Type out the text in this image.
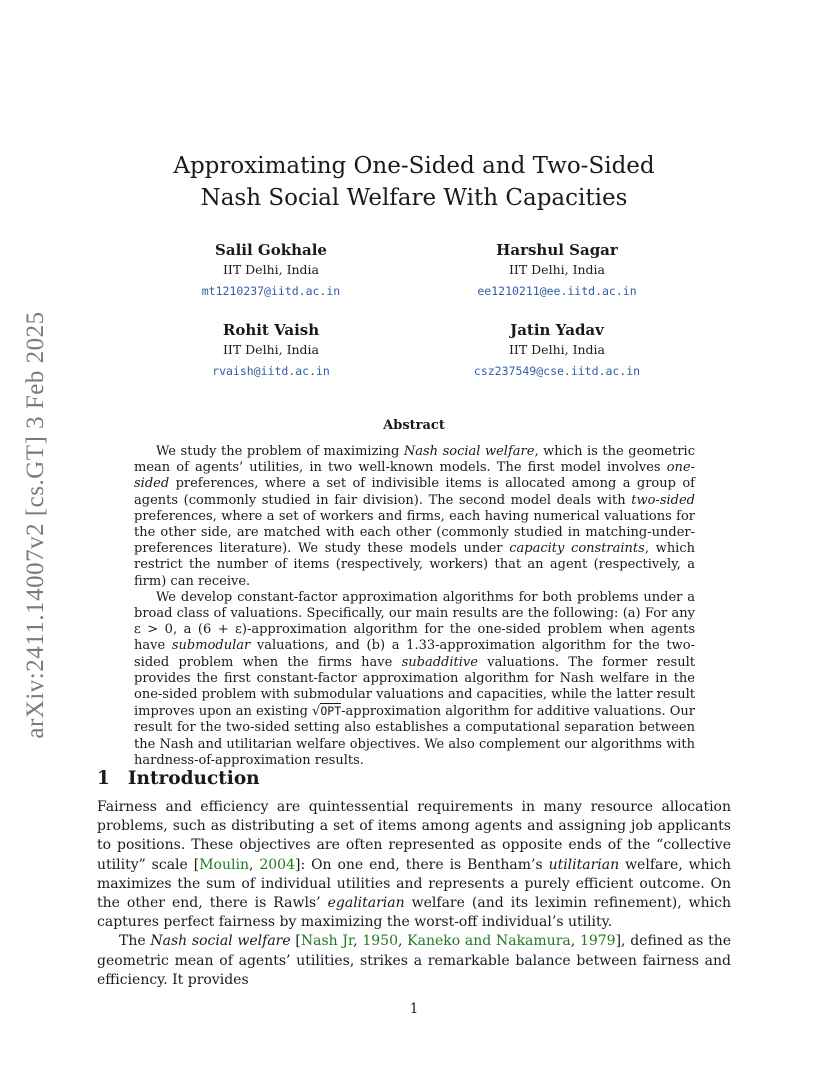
arXiv:2411.14007v2 [cs.GT] 3 Feb 2025
Approximating One-Sided and Two-Sided
Nash Social Welfare With Capacities
Salil Gokhale
IIT Delhi, India
mt1210237@iitd.ac.in
Harshul Sagar
IIT Delhi, India
ee1210211@ee.iitd.ac.in
Rohit Vaish
IIT Delhi, India
rvaish@iitd.ac.in
Jatin Yadav
IIT Delhi, India
csz237549@cse.iitd.ac.in
Abstract

We study the problem of maximizing Nash social welfare, which is the geometric mean of agents’ utilities, in two well-known models. The first model involves one-sided preferences, where a set of indivisible items is allocated among a group of agents (commonly studied in fair division). The second model deals with two-sided preferences, where a set of workers and firms, each having numerical valuations for the other side, are matched with each other (commonly studied in matching-under-preferences literature). We study these models under capacity constraints, which restrict the number of items (respectively, workers) that an agent (respectively, a firm) can receive.

We develop constant-factor approximation algorithms for both problems under a broad class of valuations. Specifically, our main results are the following: (a) For any ε > 0, a (6 + ε)-approximation algorithm for the one-sided problem when agents have submodular valuations, and (b) a 1.33-approximation algorithm for the two-sided problem when the firms have subadditive valuations. The former result provides the first constant-factor approximation algorithm for Nash welfare in the one-sided problem with submodular valuations and capacities, while the latter result improves upon an existing √OPT-approximation algorithm for additive valuations. Our result for the two-sided setting also establishes a computational separation between the Nash and utilitarian welfare objectives. We also complement our algorithms with hardness-of-approximation results.

1 Introduction

Fairness and efficiency are quintessential requirements in many resource allocation problems, such as distributing a set of items among agents and assigning job applicants to positions. These objectives are often represented as opposite ends of the “collective utility” scale [Moulin, 2004]: On one end, there is Bentham’s utilitarian welfare, which maximizes the sum of individual utilities and represents a purely efficient outcome. On the other end, there is Rawls’ egalitarian welfare (and its leximin refinement), which captures perfect fairness by maximizing the worst-off individual’s utility.

The Nash social welfare [Nash Jr, 1950, Kaneko and Nakamura, 1979], defined as the geometric mean of agents’ utilities, strikes a remarkable balance between fairness and efficiency. It provides

1
